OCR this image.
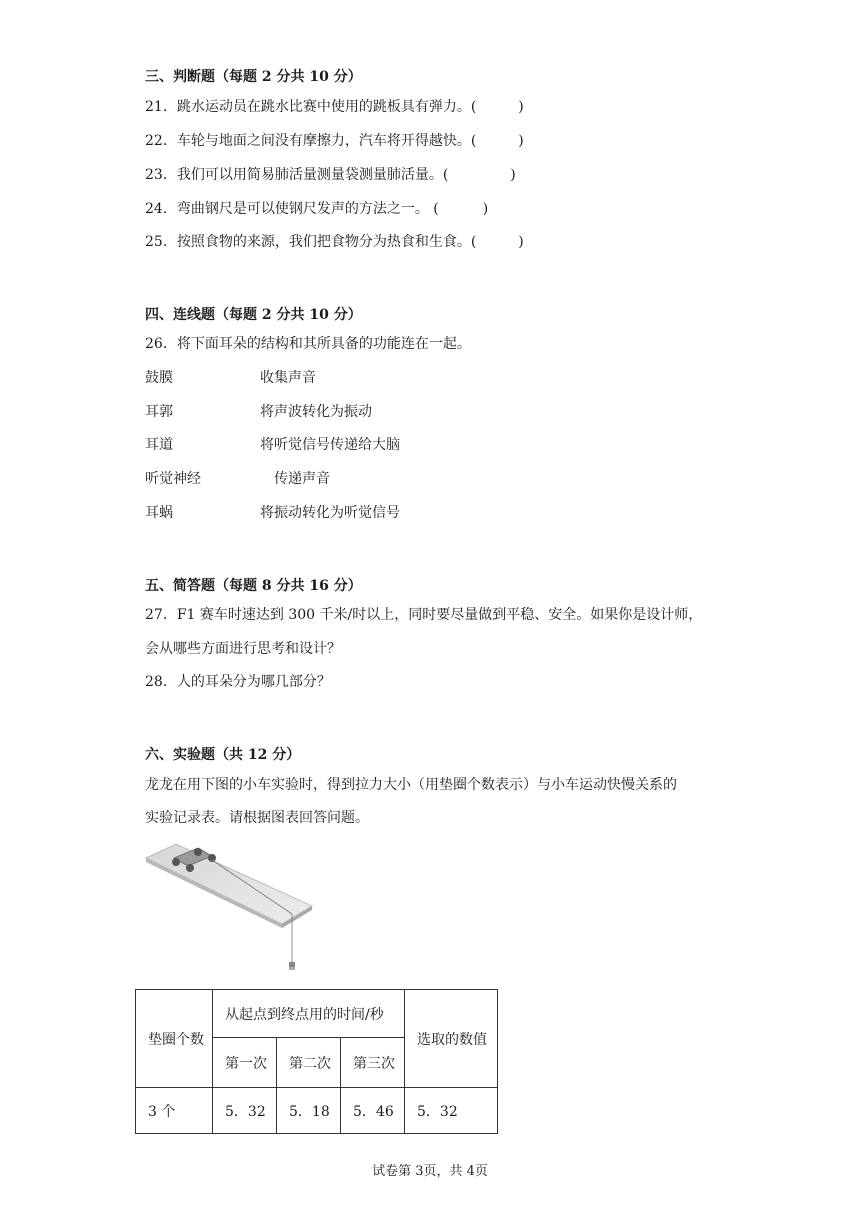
三、判断题（每题 2 分共 10 分）
21．跳水运动员在跳水比赛中使用的跳板具有弹力。(	)
22．车轮与地面之间没有摩擦力，汽车将开得越快。(	)
23．我们可以用简易肺活量测量袋测量肺活量。(	)
24．弯曲钢尺是可以使钢尺发声的方法之一。 (	)
25．按照食物的来源，我们把食物分为热食和生食。(	)
四、连线题（每题 2 分共 10 分）
26．将下面耳朵的结构和其所具备的功能连在一起。
鼓膜	收集声音
耳郭	将声波转化为振动
耳道	将听觉信号传递给大脑
听觉神经	传递声音
耳蜗	将振动转化为听觉信号
五、简答题（每题 8 分共 16 分）
27．F1 赛车时速达到 300 千米/时以上，同时要尽量做到平稳、安全。如果你是设计师，
会从哪些方面进行思考和设计？
28．人的耳朵分为哪几部分？
六、实验题（共 12 分）
龙龙在用下图的小车实验时，得到拉力大小（用垫圈个数表示）与小车运动快慢关系的
实验记录表。请根据图表回答问题。
垫圈个数	从起点到终点用的时间/秒			选取的数值
	第一次	第二次	第三次	
3 个	5．32	5．18	5．46	5．32
试卷第 3页，共 4页
